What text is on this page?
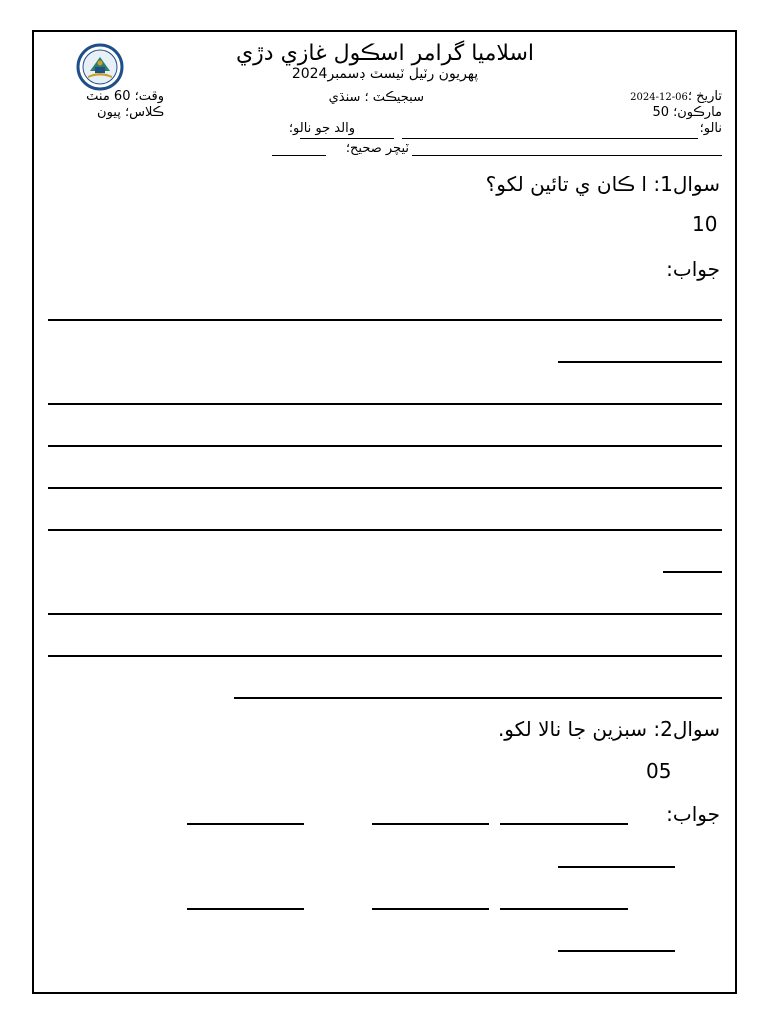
اسلاميا گرامر اسڪول غازي دڙي
پهريون رٽيل ٽيسٽ ڊسمبر2024
وقت؛ 60 منٽ
ڪلاس؛ پيون
سبجيڪٽ ؛ سنڌي	تاريخ ؛06-12-2024
مارڪون؛ 50
نالو؛
والد جو نالو؛
ٽيچر صحيح؛
سوال1: ا ڪان ي تائين لکو؟
10
جواب:
سوال2: سبزين جا نالا لکو.
05
جواب:
